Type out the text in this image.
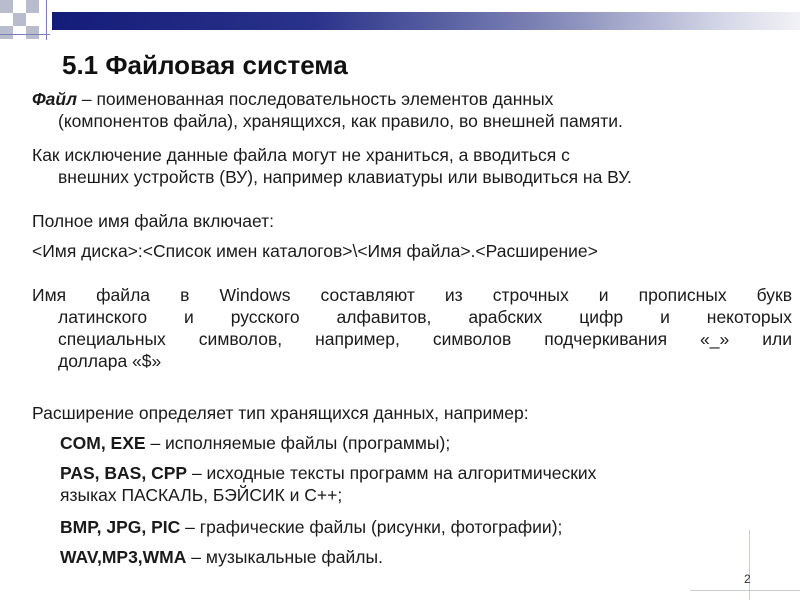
5.1 Файловая система
Файл – поименованная последовательность элементов данных
(компонентов файла), хранящихся, как правило, во внешней памяти.
Как исключение данные файла могут не храниться, а вводиться с
внешних устройств (ВУ), например клавиатуры или выводиться на ВУ.
Полное имя файла включает:
<Имя диска>:<Список имен каталогов>\<Имя файла>.<Расширение>
Имя файла в Windows составляют из строчных и прописных букв
латинского и русского алфавитов, арабских цифр и некоторых
специальных символов, например, символов подчеркивания «_» или
доллара «$»
Расширение определяет тип хранящихся данных, например:
COM, EXE – исполняемые файлы (программы);
PAS, BAS, CPP – исходные тексты программ на алгоритмических
языках ПАСКАЛЬ, БЭЙСИК и С++;
BMP, JPG, PIC – графические файлы (рисунки, фотографии);
WAV,MP3,WMA – музыкальные файлы.
2
